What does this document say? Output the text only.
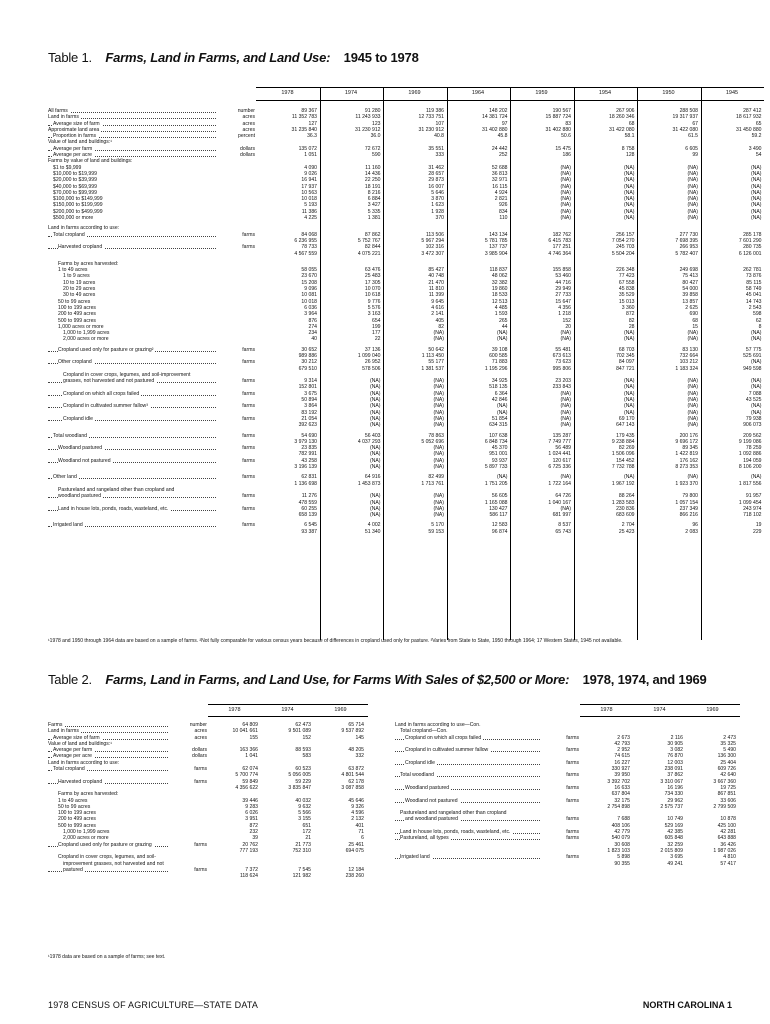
Table 1. Farms, Land in Farms, and Land Use: 1945 to 1978
1978	1974	1969	1964	1959	1954	1950	1945
All farms	number	89 367	91 280	119 386	148 202	190 567	267 906	288 508	287 412
Land in farms	acres	11 352 783	11 243 933	12 733 751	14 381 724	15 887 724	18 260 346	19 317 937	18 617 932
Average size of farm	acres	127	123	107	97	83	68	67	65
Approximate land area	acres	31 235 840	31 230 912	31 230 912	31 402 880	31 402 880	31 422 080	31 422 080	31 450 880
Proportion in farms	percent	36.3	36.0	40.8	45.8	50.6	58.1	61.5	59.2
Value of land and buildings:¹
Average per farm	dollars	135 072	72 672	35 551	24 442	15 475	8 758	6 605	3 490
Average per acre	dollars	1 051	590	333	252	186	128	99	54
Farms by value of land and buildings:
$1 to $9,999	4 090	11 160	31 462	52 688	(NA)	(NA)	(NA)	(NA)
$10,000 to $19,999	9 026	14 436	28 657	36 813	(NA)	(NA)	(NA)	(NA)
$20,000 to $39,999	16 941	22 250	29 873	32 971	(NA)	(NA)	(NA)	(NA)
$40,000 to $69,999	17 937	18 191	16 007	16 115	(NA)	(NA)	(NA)	(NA)
$70,000 to $99,999	10 563	8 216	5 646	4 924	(NA)	(NA)	(NA)	(NA)
$100,000 to $149,999	10 018	6 884	3 870	2 821	(NA)	(NA)	(NA)	(NA)
$150,000 to $199,999	5 193	3 427	1 623	926	(NA)	(NA)	(NA)	(NA)
$200,000 to $499,999	11 386	5 335	1 928	834	(NA)	(NA)	(NA)	(NA)
$500,000 or more	4 225	1 381	370	110	(NA)	(NA)	(NA)	(NA)
Land in farms according to use:
Total cropland	farms	84 068	87 862	113 506	143 134	182 762	256 157	277 730	285 178
6 236 955	5 752 767	5 967 294	5 781 785	6 415 783	7 054 270	7 698 395	7 601 290
Harvested cropland	farms	78 733	82 844	102 316	137 737	177 251	245 703	266 953	280 735
4 567 559	4 075 221	3 472 307	3 985 904	4 746 364	5 504 204	5 782 407	6 126 001
Farms by acres harvested:
1 to 49 acres	58 055	63 476	85 427	118 837	155 858	226 348	249 698	262 781
1 to 9 acres	23 670	25 483	40 748	48 062	53 460	77 423	75 413	73 876
10 to 19 acres	15 208	17 305	21 470	32 382	44 716	67 558	80 427	85 115
20 to 29 acres	9 096	10 070	11 810	19 860	29 949	45 838	54 000	58 749
30 to 49 acres	10 081	10 618	11 399	18 533	27 733	35 529	39 858	45 041
50 to 99 acres	10 018	9 776	9 645	12 513	15 647	15 013	13 857	14 743
100 to 199 acres	6 036	5 576	4 616	4 485	4 356	3 360	2 625	2 543
200 to 499 acres	3 964	3 163	2 141	1 593	1 218	872	690	598
500 to 999 acres	876	654	405	265	152	82	68	62
1,000 acres or more	274	199	82	44	20	28	15	8
1,000 to 1,999 acres	234	177	(NA)	(NA)	(NA)	(NA)	(NA)	(NA)
2,000 acres or more	40	22	(NA)	(NA)	(NA)	(NA)	(NA)	(NA)
Cropland used only for pasture or grazing²	farms	30 652	37 136	50 642	39 108	55 481	68 703	83 130	57 775
989 886	1 099 040	1 113 450	600 585	673 613	702 345	732 664	525 691
Other cropland	farms	30 212	26 952	55 177	71 883	73 623	84 097	103 212	(NA)
679 510	578 506	1 381 537	1 195 296	995 806	847 721	1 183 324	949 598
Cropland in cover crops, legumes, and soil-improvement
grasses, not harvested and not pastured	farms	9 314	(NA)	(NA)	34 925	23 203	(NA)	(NA)	(NA)
152 801	(NA)	(NA)	518 135	233 843	(NA)	(NA)	(NA)
Cropland on which all crops failed	farms	3 675	(NA)	(NA)	6 364	(NA)	(NA)	(NA)	7 088
50 894	(NA)	(NA)	42 846	(NA)	(NA)	(NA)	43 525
Cropland in cultivated summer fallow³	farms	3 864	(NA)	(NA)	(NA)	(NA)	(NA)	(NA)	(NA)
83 192	(NA)	(NA)	(NA)	(NA)	(NA)	(NA)	(NA)
Cropland idle	farms	21 054	(NA)	(NA)	51 854	(NA)	69 170	(NA)	79 938
392 623	(NA)	(NA)	634 315	(NA)	647 143	(NA)	906 073
Total woodland	farms	54 690	56 403	78 863	107 638	135 287	179 435	200 176	209 562
3 979 130	4 037 293	5 052 696	6 848 734	7 749 777	9 238 884	9 696 172	9 199 086
Woodland pastured	farms	23 835	(NA)	(NA)	45 370	56 489	82 269	89 345	78 259
782 991	(NA)	(NA)	951 001	1 024 441	1 506 096	1 422 819	1 092 886
Woodland not pastured	farms	43 258	(NA)	(NA)	93 937	120 617	154 452	176 162	194 059
3 196 139	(NA)	(NA)	5 897 733	6 725 336	7 732 788	8 273 353	8 106 200
Other land	farms	62 831	64 916	82 499	(NA)	(NA)	(NA)	(NA)	(NA)
1 136 698	1 453 873	1 713 761	1 751 205	1 722 164	1 967 192	1 923 370	1 817 556
Pastureland and rangeland other than cropland and
woodland pastured	farms	11 276	(NA)	(NA)	56 605	64 726	88 264	79 800	91 957
478 559	(NA)	(NA)	1 165 088	1 040 167	1 283 583	1 057 154	1 099 454
Land in house lots, ponds, roads, wasteland, etc.	farms	60 255	(NA)	(NA)	130 427	(NA)	230 836	237 349	243 974
658 139	(NA)	(NA)	586 117	681 997	683 609	866 216	718 102
Irrigated land	farms	6 545	4 002	5 170	12 583	8 537	2 704	96	19
93 387	51 340	59 153	96 874	65 743	25 423	2 083	229
¹1978 and 1950 through 1964 data are based on a sample of farms. ²Not fully comparable for various census years because of differences in cropland used only for pasture. ³Varies from State to State, 1950 through 1964; 17 Western States, 1945 not available.
Table 2. Farms, Land in Farms, and Land Use, for Farms With Sales of $2,500 or More: 1978, 1974, and 1969
1978	1974	1969
Farms	number	64 809	62 473	65 714
Land in farms	acres	10 041 661	9 501 089	9 537 892
Average size of farm	acres	155	152	145
Value of land and buildings:¹
Average per farm	dollars	163 366	88 593	48 205
Average per acre	dollars	1 041	583	332
Land in farms according to use:
Total cropland	farms	62 074	60 523	63 872
5 700 774	5 056 005	4 801 544
Harvested cropland	farms	59 849	59 229	62 178
4 356 622	3 835 847	3 087 858
Farms by acres harvested:
1 to 49 acres	39 446	40 032	45 646
50 to 99 acres	9 283	9 632	9 326
100 to 199 acres	6 026	5 566	4 596
200 to 499 acres	3 951	3 155	2 132
500 to 999 acres	872	651	401
1,000 to 1,999 acres	232	172	71
2,000 acres or more	39	21	6
Cropland used only for pasture or grazing	farms	20 762	21 773	25 461
777 193	752 310	694 075
Cropland in cover crops, legumes, and soil-
improvement grasses, not harvested and not
pastured	farms	7 372	7 545	12 184
118 624	121 982	238 260
1978	1974	1969
Land in farms according to use—Con.
Total cropland—Con.
Cropland on which all crops failed	farms	2 673	2 116	2 473
42 793	30 905	35 325
Cropland in cultivated summer fallow	farms	2 952	3 082	5 490
74 615	76 870	136 300
Cropland idle	farms	16 227	12 003	25 404
330 927	238 091	609 726
Total woodland	farms	39 950	37 862	42 640
3 392 702	3 310 067	3 667 360
Woodland pastured	farms	16 633	16 196	19 725
637 804	734 330	867 851
Woodland not pastured	farms	32 175	29 962	33 606
2 754 898	2 575 737	2 799 509
Pastureland and rangeland other than cropland
and woodland pastured	farms	7 688	10 749	10 878
408 106	529 169	425 100
Land in house lots, ponds, roads, wasteland, etc.	farms	42 779	42 385	42 281
Pastureland, all types	farms	540 079	605 848	643 888
30 608	32 259	36 426
1 823 103	2 015 809	1 987 026
Irrigated land	farms	5 898	3 695	4 810
90 355	49 241	57 417
¹1978 data are based on a sample of farms; see text.
1978 CENSUS OF AGRICULTURE—STATE DATA	NORTH CAROLINA 1
